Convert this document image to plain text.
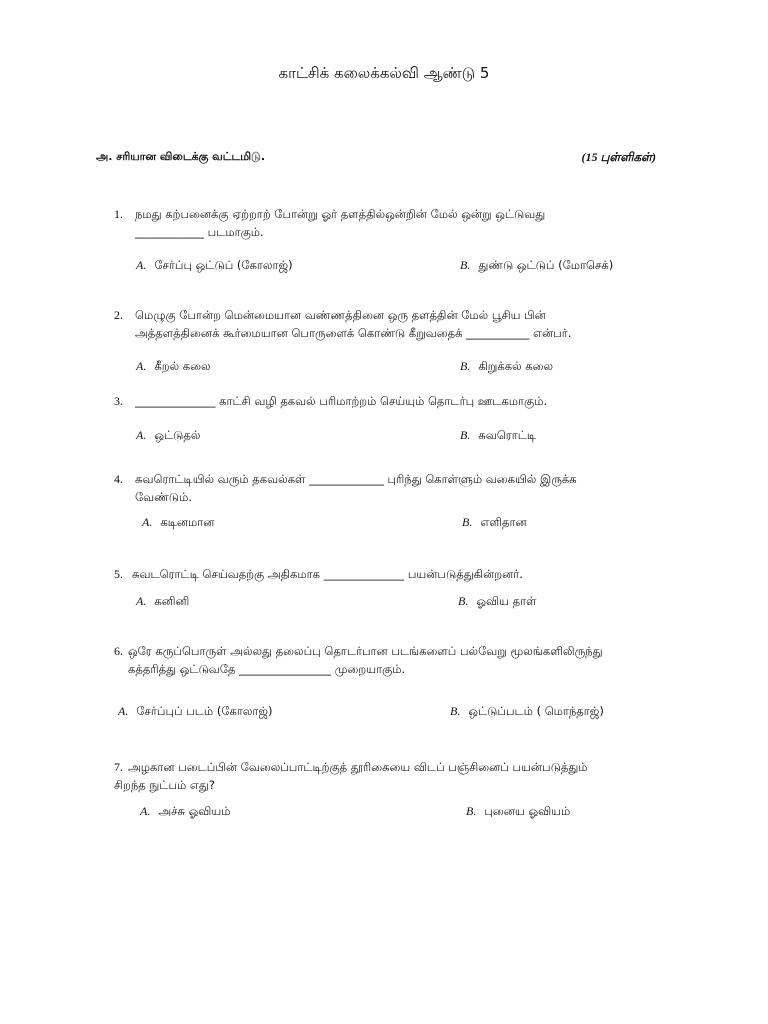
காட்சிக் கலைக்கல்வி ஆண்டு 5
அ. சரியான விடைக்கு வட்டமிடு.	(15 புள்ளிகள்)
1. நமது கற்பனைக்கு ஏற்றாற் போன்று ஓர் தளத்தில்ஒன்றின் மேல் ஒன்று ஒட்டுவது
____________ படமாகும்.
A. சேர்ப்பு ஒட்டுப் (கோலாஜ்)	B. துண்டு ஒட்டுப் (மோசெக்)
2. மெழுகு போன்ற மென்மையான வண்ணத்தினை ஒரு தளத்தின் மேல் பூசிய பின்
அத்தளத்தினைக் கூர்மையான பொருளைக் கொண்டு கீறுவதைக் ___________ என்பர்.
A. கீறல் கலை	B. கிறுக்கல் கலை
3. ______________ காட்சி வழி தகவல் பரிமாற்றம் செய்யும் தொடர்பு ஊடகமாகும்.
A. ஒட்டுதல்	B. சுவரொட்டி
4. சுவரொட்டியில் வரும் தகவல்கள் _____________ புரிந்து கொள்ளும் வகையில் இருக்க
வேண்டும்.
A. கடினமான	B. எளிதான
5. சுவடரொட்டி செய்வதற்கு அதிகமாக ______________ பயன்படுத்துகின்றனர்.
A. கனினி	B. ஓவிய தாள்
6. ஒரே கருப்பொருள் அல்லது தலைப்பு தொடர்பான படங்களைப் பல்வேறு மூலங்களிலிருந்து
கத்தரித்து ஒட்டுவதே ________________ முறையாகும்.
A. சேர்ப்புப் படம் (கோலாஜ்)	B. ஒட்டுப்படம் ( மொந்தாஜ்)
7. அழகான படைப்பின் வேலைப்பாட்டிற்குத் தூரிகையை விடப் பஞ்சினைப் பயன்படுத்தும்
சிறந்த நுட்பம் எது?
A. அச்சு ஓவியம்	B. புனைய ஓவியம்
